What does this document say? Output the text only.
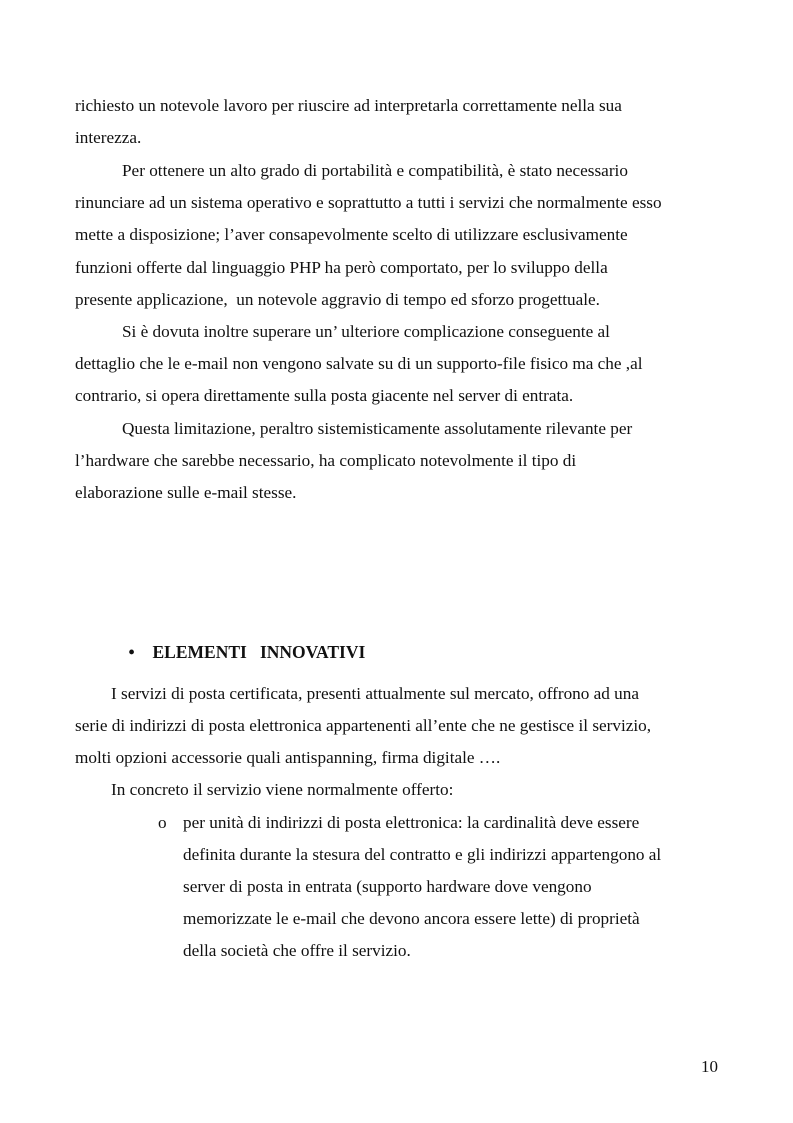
richiesto un notevole lavoro per riuscire ad interpretarla correttamente nella sua
interezza.
Per ottenere un alto grado di portabilità e compatibilità, è stato necessario
rinunciare ad un sistema operativo e soprattutto a tutti i servizi che normalmente esso
mette a disposizione; l’aver consapevolmente scelto di utilizzare esclusivamente
funzioni offerte dal linguaggio PHP ha però comportato, per lo sviluppo della
presente applicazione,  un notevole aggravio di tempo ed sforzo progettuale.
Si è dovuta inoltre superare un’ ulteriore complicazione conseguente al
dettaglio che le e-mail non vengono salvate su di un supporto-file fisico ma che ,al
contrario, si opera direttamente sulla posta giacente nel server di entrata.
Questa limitazione, peraltro sistemisticamente assolutamente rilevante per
l’hardware che sarebbe necessario, ha complicato notevolmente il tipo di
elaborazione sulle e-mail stesse.

• ELEMENTI   INNOVATIVI

I servizi di posta certificata, presenti attualmente sul mercato, offrono ad una
serie di indirizzi di posta elettronica appartenenti all’ente che ne gestisce il servizio,
molti opzioni accessorie quali antispanning, firma digitale ….
In concreto il servizio viene normalmente offerto:
o per unità di indirizzi di posta elettronica: la cardinalità deve essere
definita durante la stesura del contratto e gli indirizzi appartengono al
server di posta in entrata (supporto hardware dove vengono
memorizzate le e-mail che devono ancora essere lette) di proprietà
della società che offre il servizio.
10
